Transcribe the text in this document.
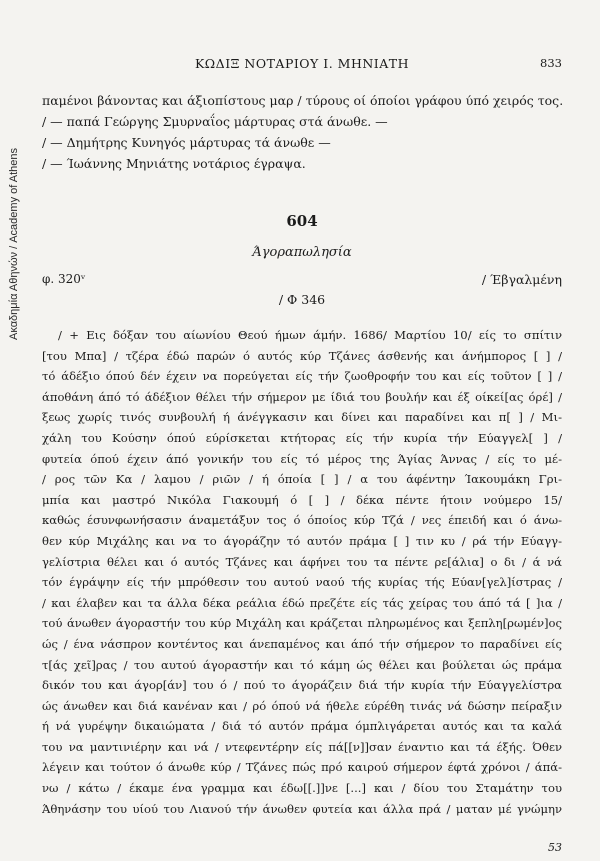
Ακαδημία Αθηνών / Academy of Athens
ΚΩΔΙΞ ΝΟΤΑΡΙΟΥ Ι. ΜΗΝΙΑΤΗ	833
παμένοι βάνοντας και άξιοπίστους μαρ / τύρους οί όποίοι γράφου ύπό χειρός τος.
/ — παπά Γεώργης Σμυρναΐος μάρτυρας στά άνωθε. —
/ — Δημήτρης Κυνηγός μάρτυρας τά άνωθε —
/ — Ίωάννης Μηνιάτης νοτάριος έγραψα.
604
Άγοραπωλησία
φ. 320ᵛ	/ Έβγαλμένη
/ Φ 346
/ + Εις δόξαν του αίωνίου Θεού ήμων άμήν. 1686/ Μαρτίου 10/ είς το σπίτιν
[του Μπα] / τζέρα έδώ παρών ό αυτός κύρ Τζάνες άσθενής και άνήμπορος [ ] /
τό άδέξιο όπού δέν έχειν να πορεύγεται είς τήν ζωοθροφήν του και είς τοῦτον [ ] /
άποθάνη άπό τό άδέξιον θέλει τήν σήμερον με ίδιά του βουλήν και έξ οίκεί[ας όρέ] /
ξεως χωρίς τινός συνβουλή ή άνέγγκασιν και δίνει και παραδίνει και π[ ] / Μι-
χάλη του Κούσην όπού εύρίσκεται κτήτορας είς τήν κυρία τήν Εύαγγελ[ ] /
φυτεία όπού έχειν άπό γονικήν του είς τό μέρος της Άγίας Άννας / είς το μέ-
/ ρος τῶν Κα / λαμου / ριῶν / ή όποία [ ] / α του άφέντην Ίακουμάκη Γρι-
μπία και μαστρό Νικόλα Γιακουμή ό [ ] / δέκα πέντε ήτοιν νούμερο 15/
καθώς έσυνφωνήσασιν άναμετάξυν τος ό όποίος κύρ Τζά / νες έπειδή και ό άνω-
θεν κύρ Μιχάλης και να το άγοράζην τό αυτόν πράμα [ ] τιν κυ / ρά τήν Εύαγγ-
γελίστρια θέλει και ό αυτός Τζάνες και άφήνει του τα πέντε ρε[άλια] ο δι / ά νά
τόν έγράψην είς τήν μπρόθεσιν του αυτού ναού τής κυρίας τής Εύαν[γελ]ίστρας /
/ και έλαβεν και τα άλλα δέκα ρεάλια έδώ πρεζέτε είς τάς χείρας του άπό τά [ ]ια /
τού άνωθεν άγοραστήν του κύρ Μιχάλη και κράζεται πληρωμένος και ξεπλη[ρωμέν]ος
ώς / ένα νάσπρον κοντέντος και άνεπαμένος και άπό τήν σήμερον το παραδίνει είς
τ[άς χεῖ]ρας / του αυτού άγοραστήν και τό κάμη ώς θέλει και βούλεται ώς πράμα
δικόν του και άγορ[άν] του ό / πού το άγοράζειν διά τήν κυρία τήν Εύαγγελίστρα
ώς άνωθεν και διά κανέναν και / ρό όπού νά ήθελε εύρέθη τινάς νά δώσην πείραξιν
ή νά γυρέψην δικαιώματα / διά τό αυτόν πράμα όμπλιγάρεται αυτός και τα καλά
του να μαντινιέρην και νά / ντεφεντέρην είς πά[[ν]]σαν έναντιο και τά έξής. Όθεν
λέγειν και τούτον ό άνωθε κύρ / Τζάνες πώς πρό καιρού σήμερον έφτά χρόνοι / άπά-
νω / κάτω / έκαμε ένα γραμμα και έδω[[.]]νε [...] και / δίου του Σταμάτην του
Άθηνάσην του υίού του Λιανού τήν άνωθεν φυτεία και άλλα πρά / ματαν μέ γνώμην
53
